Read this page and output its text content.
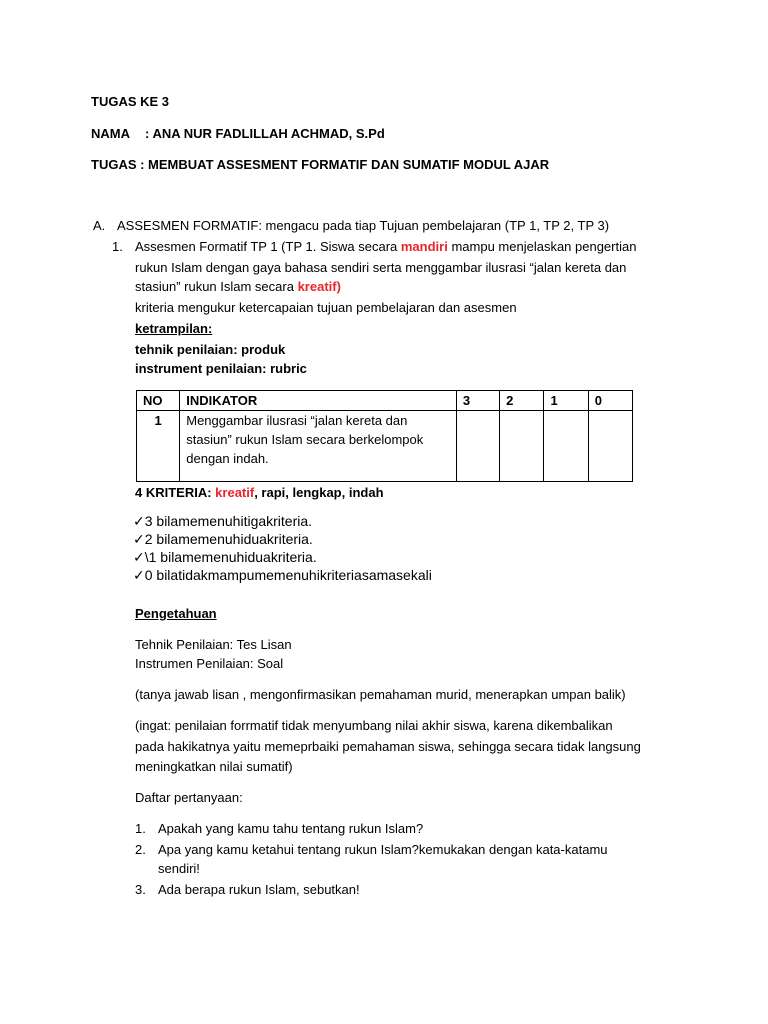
TUGAS KE 3
NAMA : ANA NUR FADLILLAH ACHMAD, S.Pd
TUGAS : MEMBUAT ASSESMENT FORMATIF DAN SUMATIF MODUL AJAR
A. ASSESMEN FORMATIF: mengacu pada tiap Tujuan pembelajaran (TP 1, TP 2, TP 3)
1. Assesmen Formatif TP 1 (TP 1. Siswa secara mandiri mampu menjelaskan pengertian
rukun Islam dengan gaya bahasa sendiri serta menggambar ilusrasi “jalan kereta dan
stasiun” rukun Islam secara kreatif)
kriteria mengukur ketercapaian tujuan pembelajaran dan asesmen
ketrampilan:
tehnik penilaian: produk
instrument penilaian: rubric
NO	INDIKATOR	3	2	1	0
1	Menggambar ilusrasi “jalan kereta dan stasiun” rukun Islam secara berkelompok dengan indah.				
4 KRITERIA: kreatif, rapi, lengkap, indah
✓3 bilamemenuhitigakriteria.
✓2 bilamemenuhiduakriteria.
✓\1 bilamemenuhiduakriteria.
✓0 bilatidakmampumemenuhikriteriasamasekali
Pengetahuan
Tehnik Penilaian: Tes Lisan
Instrumen Penilaian: Soal
(tanya jawab lisan , mengonfirmasikan pemahaman murid, menerapkan umpan balik)
(ingat: penilaian forrmatif tidak menyumbang nilai akhir siswa, karena dikembalikan
pada hakikatnya yaitu memeprbaiki pemahaman siswa, sehingga secara tidak langsung
meningkatkan nilai sumatif)
Daftar pertanyaan:
1. Apakah yang kamu tahu tentang rukun Islam?
2. Apa yang kamu ketahui tentang rukun Islam?kemukakan dengan kata-katamu
sendiri!
3. Ada berapa rukun Islam, sebutkan!
